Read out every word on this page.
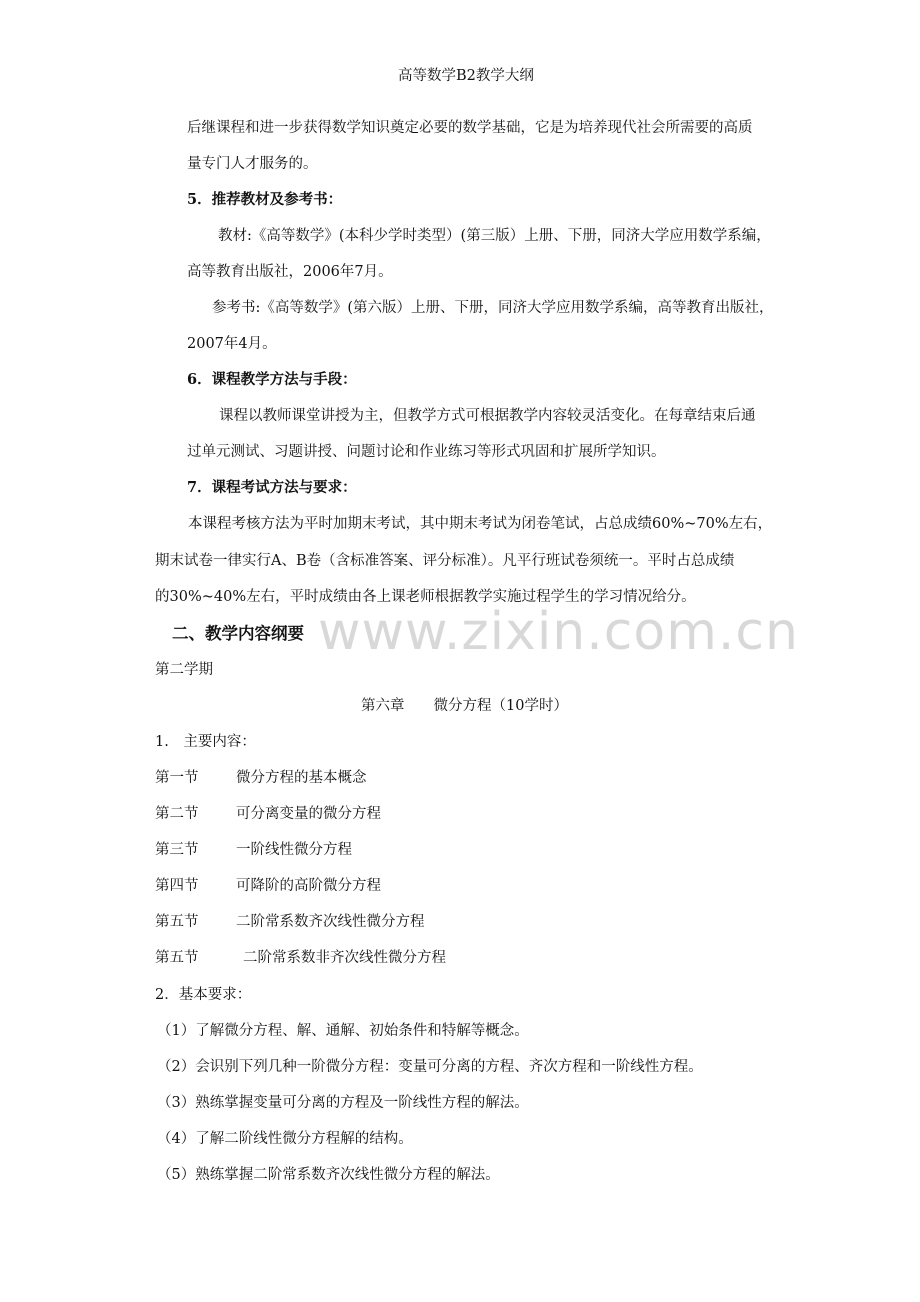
www.zixin.com.cn
高等数学B2教学大纲
后继课程和进一步获得数学知识奠定必要的数学基础，它是为培养现代社会所需要的高质
量专门人才服务的。
5．推荐教材及参考书：
教材:《高等数学》(本科少学时类型）(第三版）上册、下册，同济大学应用数学系编，
高等教育出版社，2006年7月。
参考书:《高等数学》(第六版）上册、下册，同济大学应用数学系编，高等教育出版社，
2007年4月。
6．课程教学方法与手段：
课程以教师课堂讲授为主，但教学方式可根据教学内容较灵活变化。在每章结束后通
过单元测试、习题讲授、问题讨论和作业练习等形式巩固和扩展所学知识。
7．课程考试方法与要求：
本课程考核方法为平时加期末考试，其中期末考试为闭卷笔试，占总成绩60%~70%左右，
期末试卷一律实行A、B卷（含标准答案、评分标准）。凡平行班试卷须统一。平时占总成绩
的30%~40%左右，平时成绩由各上课老师根据教学实施过程学生的学习情况给分。
二、教学内容纲要
第二学期
第六章　　微分方程（10学时）
1.　主要内容：
第一节	微分方程的基本概念
第二节	可分离变量的微分方程
第三节	一阶线性微分方程
第四节	可降阶的高阶微分方程
第五节	二阶常系数齐次线性微分方程
第五节	二阶常系数非齐次线性微分方程
2．基本要求：
（1）了解微分方程、解、通解、初始条件和特解等概念。
（2）会识别下列几种一阶微分方程：变量可分离的方程、齐次方程和一阶线性方程。
（3）熟练掌握变量可分离的方程及一阶线性方程的解法。
（4）了解二阶线性微分方程解的结构。
（5）熟练掌握二阶常系数齐次线性微分方程的解法。
